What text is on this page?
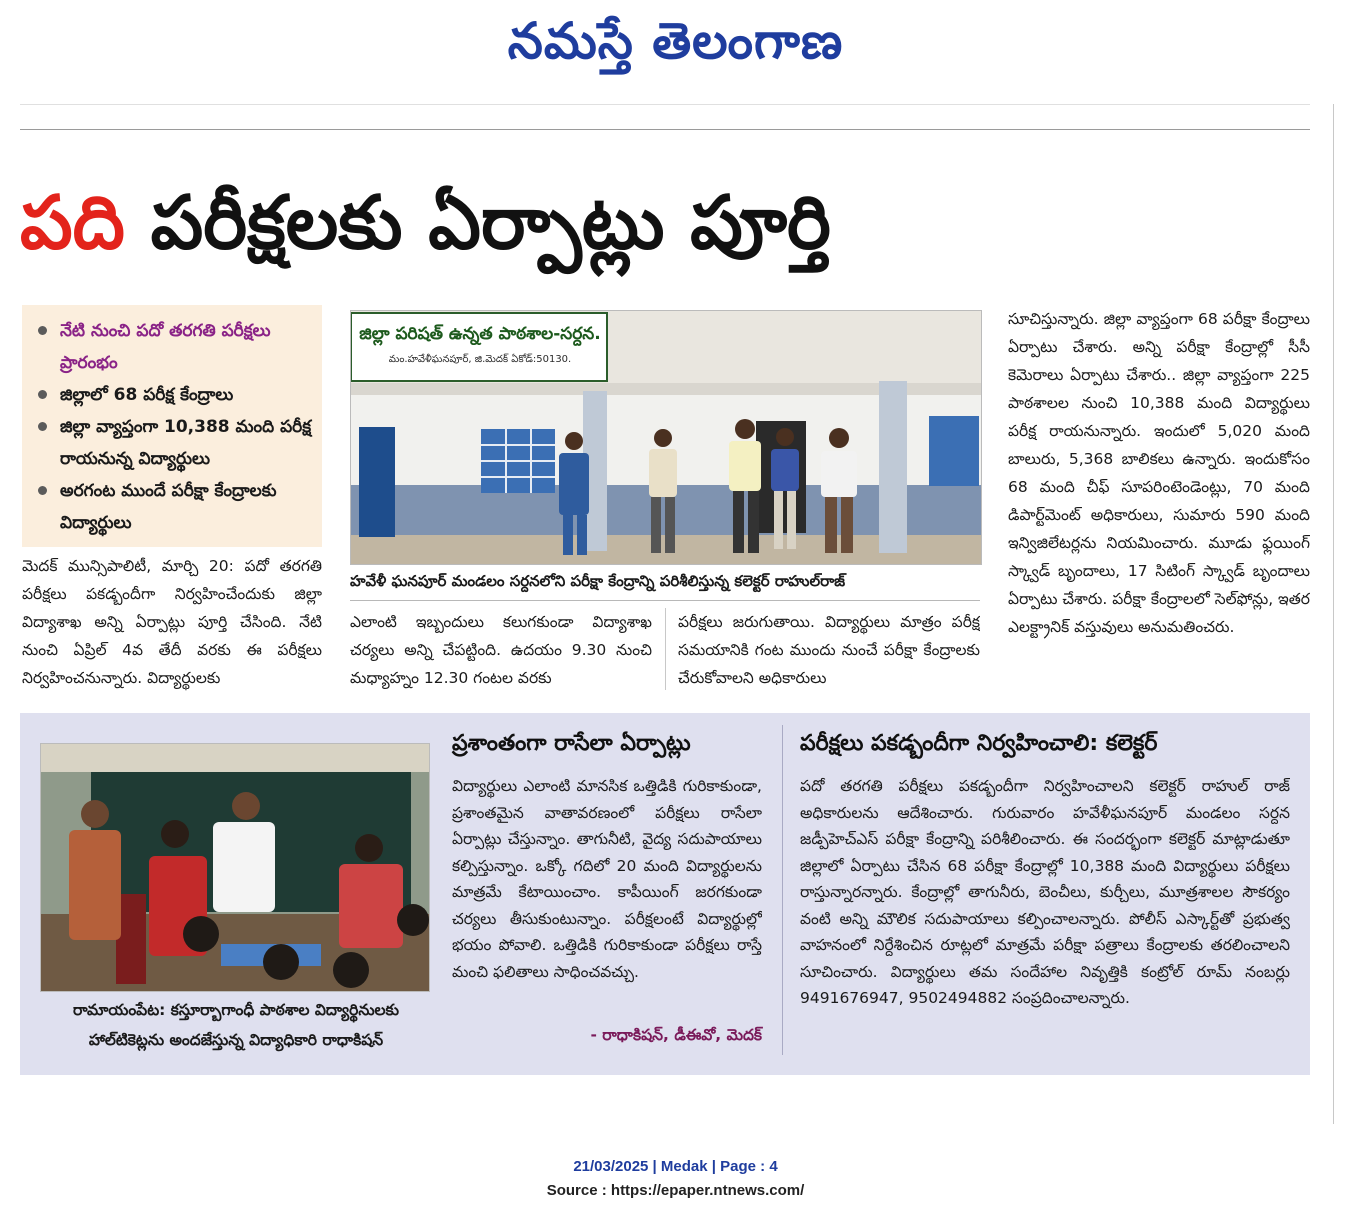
నమస్తే తెలంగాణ
పది పరీక్షలకు ఏర్పాట్లు పూర్తి
నేటి నుంచి పదో తరగతి పరీక్షలు ప్రారంభం
జిల్లాలో 68 పరీక్ష కేంద్రాలు
జిల్లా వ్యాప్తంగా 10,388 మంది పరీక్ష రాయనున్న విద్యార్థులు
అరగంట ముందే పరీక్షా కేంద్రాలకు విద్యార్థులు
మెదక్ మున్సిపాలిటీ, మార్చి 20: పదో తరగతి పరీక్షలు పకడ్బందీగా నిర్వహించేందుకు జిల్లా విద్యాశాఖ అన్ని ఏర్పాట్లు పూర్తి చేసింది. నేటి నుంచి ఏప్రిల్ 4వ తేదీ వరకు ఈ పరీక్షలు నిర్వహించనున్నారు. విద్యార్థులకు
జిల్లా పరిషత్ ఉన్నత పాఠశాల-సర్దన.
మం.హవేళీఘనపూర్, జి.మెదక్ ఏకోడ్:50130.
హవేళీ ఘనపూర్ మండలం సర్దనలోని పరీక్షా కేంద్రాన్ని పరిశీలిస్తున్న కలెక్టర్ రాహుల్‌రాజ్
ఎలాంటి ఇబ్బందులు కలుగకుండా విద్యాశాఖ చర్యలు అన్ని చేపట్టింది. ఉదయం 9.30 నుంచి మధ్యాహ్నం 12.30 గంటల వరకు
పరీక్షలు జరుగుతాయి. విద్యార్థులు మాత్రం పరీక్ష సమయానికి గంట ముందు నుంచే పరీక్షా కేంద్రాలకు చేరుకోవాలని అధికారులు
సూచిస్తున్నారు. జిల్లా వ్యాప్తంగా 68 పరీక్షా కేంద్రాలు ఏర్పాటు చేశారు. అన్ని పరీక్షా కేంద్రాల్లో సీసీ కెమెరాలు ఏర్పాటు చేశారు.. జిల్లా వ్యాప్తంగా 225 పాఠశాలల నుంచి 10,388 మంది విద్యార్థులు పరీక్ష రాయనున్నారు. ఇందులో 5,020 మంది బాలురు, 5,368 బాలికలు ఉన్నారు. ఇందుకోసం 68 మంది చీఫ్ సూపరింటెండెంట్లు, 70 మంది డిపార్ట్‌మెంట్ అధికారులు, సుమారు 590 మంది ఇన్విజిలేటర్లను నియమించారు. మూడు ఫ్లయింగ్ స్క్వాడ్ బృందాలు, 17 సిటింగ్ స్క్వాడ్ బృందాలు ఏర్పాటు చేశారు. పరీక్షా కేంద్రాలలో సెల్‌ఫోన్లు, ఇతర ఎలక్ట్రానిక్ వస్తువులు అనుమతించరు.
రామాయంపేట: కస్తూర్బాగాంధీ పాఠశాల విద్యార్థినులకు
హాల్‌టికెట్లను అందజేస్తున్న విద్యాధికారి రాధాకిషన్
ప్రశాంతంగా రాసేలా ఏర్పాట్లు
విద్యార్థులు ఎలాంటి మానసిక ఒత్తిడికి గురికాకుండా, ప్రశాంతమైన వాతావరణంలో పరీక్షలు రాసేలా ఏర్పాట్లు చేస్తున్నాం. తాగునీటి, వైద్య సదుపాయాలు కల్పిస్తున్నాం. ఒక్కో గదిలో 20 మంది విద్యార్థులను మాత్రమే కేటాయించాం. కాపీయింగ్ జరగకుండా చర్యలు తీసుకుంటున్నాం. పరీక్షలంటే విద్యార్థుల్లో భయం పోవాలి. ఒత్తిడికి గురికాకుండా పరీక్షలు రాస్తే మంచి ఫలితాలు సాధించవచ్చు.
- రాధాకిషన్, డీఈవో, మెదక్
పరీక్షలు పకడ్బందీగా నిర్వహించాలి: కలెక్టర్
పదో తరగతి పరీక్షలు పకడ్బందీగా నిర్వహించాలని కలెక్టర్ రాహుల్ రాజ్ అధికారులను ఆదేశించారు. గురువారం హవేళీఘనపూర్ మండలం సర్దన జడ్పీహెచ్ఎస్ పరీక్షా కేంద్రాన్ని పరిశీలించారు. ఈ సందర్భంగా కలెక్టర్ మాట్లాడుతూ జిల్లాలో ఏర్పాటు చేసిన 68 పరీక్షా కేంద్రాల్లో 10,388 మంది విద్యార్థులు పరీక్షలు రాస్తున్నారన్నారు. కేంద్రాల్లో తాగునీరు, బెంచీలు, కుర్చీలు, మూత్రశాలల సౌకర్యం వంటి అన్ని మౌలిక సదుపాయాలు కల్పించాలన్నారు. పోలీస్ ఎస్కార్ట్‌తో ప్రభుత్వ వాహనంలో నిర్దేశించిన రూట్లలో మాత్రమే పరీక్షా పత్రాలు కేంద్రాలకు తరలించాలని సూచించారు. విద్యార్థులు తమ సందేహాల నివృత్తికి కంట్రోల్ రూమ్ నంబర్లు 9491676947, 9502494882 సంప్రదించాలన్నారు.
21/03/2025 | Medak | Page : 4
Source : https://epaper.ntnews.com/
